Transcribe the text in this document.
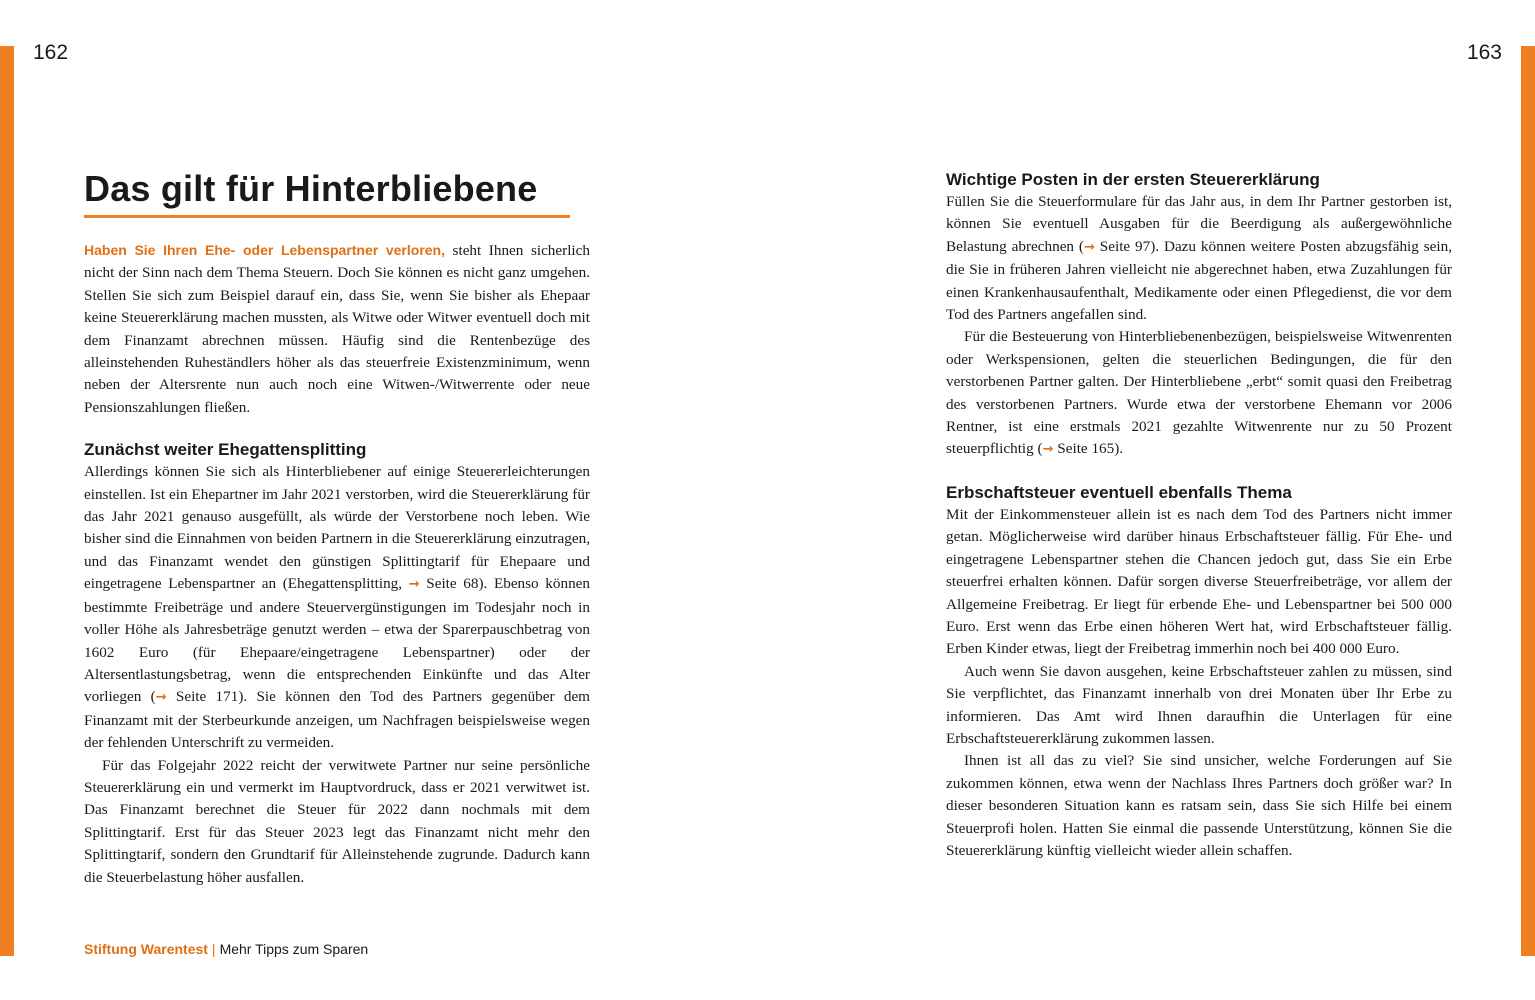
162	163
Das gilt für Hinterbliebene

Haben Sie Ihren Ehe- oder Lebenspartner verloren, steht Ihnen sicherlich nicht der Sinn nach dem Thema Steuern. Doch Sie können es nicht ganz umgehen. Stellen Sie sich zum Beispiel darauf ein, dass Sie, wenn Sie bisher als Ehepaar keine Steuererklärung machen mussten, als Witwe oder Witwer eventuell doch mit dem Finanzamt abrechnen müssen. Häufig sind die Rentenbezüge des alleinstehenden Ruheständlers höher als das steuerfreie Existenzminimum, wenn neben der Altersrente nun auch noch eine Witwen-/Witwerrente oder neue Pensionszahlungen fließen.

Zunächst weiter Ehegattensplitting

Allerdings können Sie sich als Hinterbliebener auf einige Steuererleichterungen einstellen. Ist ein Ehepartner im Jahr 2021 verstorben, wird die Steuererklärung für das Jahr 2021 genauso ausgefüllt, als würde der Verstorbene noch leben. Wie bisher sind die Einnahmen von beiden Partnern in die Steuererklärung einzutragen, und das Finanzamt wendet den günstigen Splittingtarif für Ehepaare und eingetragene Lebenspartner an (Ehegattensplitting, → Seite 68). Ebenso können bestimmte Freibeträge und andere Steuervergünstigungen im Todesjahr noch in voller Höhe als Jahresbeträge genutzt werden – etwa der Sparerpauschbetrag von 1602 Euro (für Ehepaare/eingetragene Lebenspartner) oder der Altersentlastungsbetrag, wenn die entsprechenden Einkünfte und das Alter vorliegen (→ Seite 171). Sie können den Tod des Partners gegenüber dem Finanzamt mit der Sterbeurkunde anzeigen, um Nachfragen beispielsweise wegen der fehlenden Unterschrift zu vermeiden.

Für das Folgejahr 2022 reicht der verwitwete Partner nur seine persönliche Steuererklärung ein und vermerkt im Hauptvordruck, dass er 2021 verwitwet ist. Das Finanzamt berechnet die Steuer für 2022 dann nochmals mit dem Splittingtarif. Erst für das Steuer 2023 legt das Finanzamt nicht mehr den Splittingtarif, sondern den Grundtarif für Alleinstehende zugrunde. Dadurch kann die Steuerbelastung höher ausfallen.

Wichtige Posten in der ersten Steuererklärung

Füllen Sie die Steuerformulare für das Jahr aus, in dem Ihr Partner gestorben ist, können Sie eventuell Ausgaben für die Beerdigung als außergewöhnliche Belastung abrechnen (→ Seite 97). Dazu können weitere Posten abzugsfähig sein, die Sie in früheren Jahren vielleicht nie abgerechnet haben, etwa Zuzahlungen für einen Krankenhausaufenthalt, Medikamente oder einen Pflegedienst, die vor dem Tod des Partners angefallen sind.

Für die Besteuerung von Hinterbliebenenbezügen, beispielsweise Witwenrenten oder Werkspensionen, gelten die steuerlichen Bedingungen, die für den verstorbenen Partner galten. Der Hinterbliebene „erbt“ somit quasi den Freibetrag des verstorbenen Partners. Wurde etwa der verstorbene Ehemann vor 2006 Rentner, ist eine erstmals 2021 gezahlte Witwenrente nur zu 50 Prozent steuerpflichtig (→ Seite 165).

Erbschaftsteuer eventuell ebenfalls Thema

Mit der Einkommensteuer allein ist es nach dem Tod des Partners nicht immer getan. Möglicherweise wird darüber hinaus Erbschaftsteuer fällig. Für Ehe- und eingetragene Lebenspartner stehen die Chancen jedoch gut, dass Sie ein Erbe steuerfrei erhalten können. Dafür sorgen diverse Steuerfreibeträge, vor allem der Allgemeine Freibetrag. Er liegt für erbende Ehe- und Lebenspartner bei 500 000 Euro. Erst wenn das Erbe einen höheren Wert hat, wird Erbschaftsteuer fällig. Erben Kinder etwas, liegt der Freibetrag immerhin noch bei 400 000 Euro.

Auch wenn Sie davon ausgehen, keine Erbschaftsteuer zahlen zu müssen, sind Sie verpflichtet, das Finanzamt innerhalb von drei Monaten über Ihr Erbe zu informieren. Das Amt wird Ihnen daraufhin die Unterlagen für eine Erbschaftsteuererklärung zukommen lassen.

Ihnen ist all das zu viel? Sie sind unsicher, welche Forderungen auf Sie zukommen können, etwa wenn der Nachlass Ihres Partners doch größer war? In dieser besonderen Situation kann es ratsam sein, dass Sie sich Hilfe bei einem Steuerprofi holen. Hatten Sie einmal die passende Unterstützung, können Sie die Steuererklärung künftig vielleicht wieder allein schaffen.

Stiftung Warentest | Mehr Tipps zum Sparen
